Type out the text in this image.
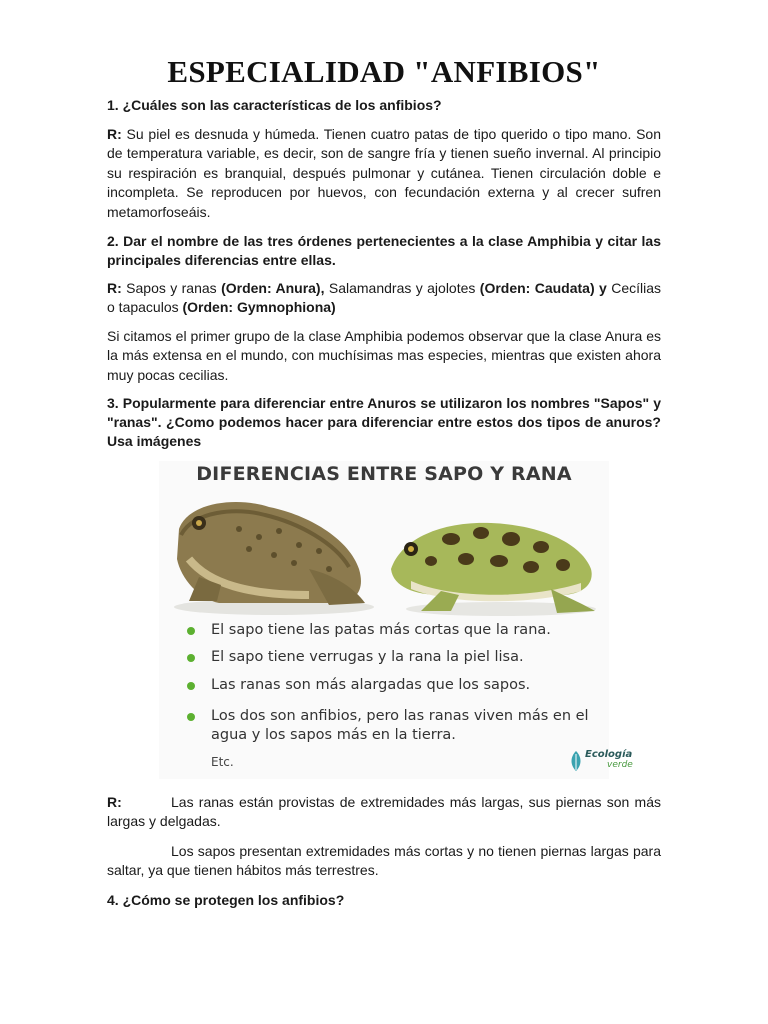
ESPECIALIDAD "ANFIBIOS"

1. ¿Cuáles son las características de los anfibios?

R: Su piel es desnuda y húmeda. Tienen cuatro patas de tipo querido o tipo mano. Son de temperatura variable, es decir, son de sangre fría y tienen sueño invernal. Al principio su respiración es branquial, después pulmonar y cutánea. Tienen circulación doble e incompleta. Se reproducen por huevos, con fecundación externa y al crecer sufren metamorfoseáis.

2. Dar el nombre de las tres órdenes pertenecientes a la clase Amphibia y citar las principales diferencias entre ellas.

R: Sapos y ranas (Orden: Anura), Salamandras y ajolotes (Orden: Caudata) y Cecílias o tapaculos (Orden: Gymnophiona)

Si citamos el primer grupo de la clase Amphibia podemos observar que la clase Anura es la más extensa en el mundo, con muchísimas mas especies, mientras que existen ahora muy pocas cecilias.

3. Popularmente para diferenciar entre Anuros se utilizaron los nombres "Sapos" y "ranas". ¿Como podemos hacer para diferenciar entre estos dos tipos de anuros? Usa imágenes

DIFERENCIAS ENTRE SAPO Y RANA
El sapo tiene las patas más cortas que la rana.
El sapo tiene verrugas y la rana la piel lisa.
Las ranas son más alargadas que los sapos.
Los dos son anfibios, pero las ranas viven más en el agua y los sapos más en la tierra.
Etc.
Ecología
verde

R:	Las ranas están provistas de extremidades más largas, sus piernas son más largas y delgadas.

Los sapos presentan extremidades más cortas y no tienen piernas largas para saltar, ya que tienen hábitos más terrestres.

4. ¿Cómo se protegen los anfibios?
